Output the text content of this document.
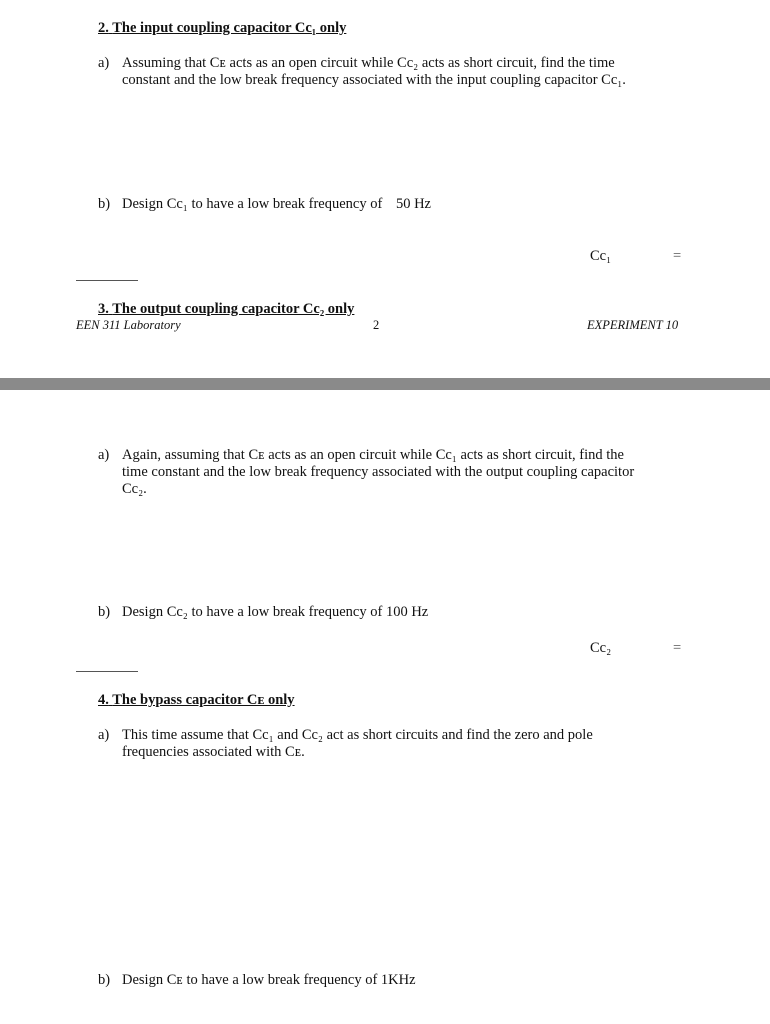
2. The input coupling capacitor Cc₁ only
a) Assuming that Cᴇ acts as an open circuit while Cc₂ acts as short circuit, find the time
constant and the low break frequency associated with the input coupling capacitor Cc₁.
b) Design Cc₁ to have a low break frequency of 50 Hz
Cc₁	=
3. The output coupling capacitor Cc₂ only
EEN 311 Laboratory	2	EXPERIMENT 10
a) Again, assuming that Cᴇ acts as an open circuit while Cc₁ acts as short circuit, find the
time constant and the low break frequency associated with the output coupling capacitor
Cc₂.
b) Design Cc₂ to have a low break frequency of 100 Hz
Cc₂	=
4. The bypass capacitor Cᴇ only
a) This time assume that Cc₁ and Cc₂ act as short circuits and find the zero and pole
frequencies associated with Cᴇ.
b) Design Cᴇ to have a low break frequency of 1KHz
